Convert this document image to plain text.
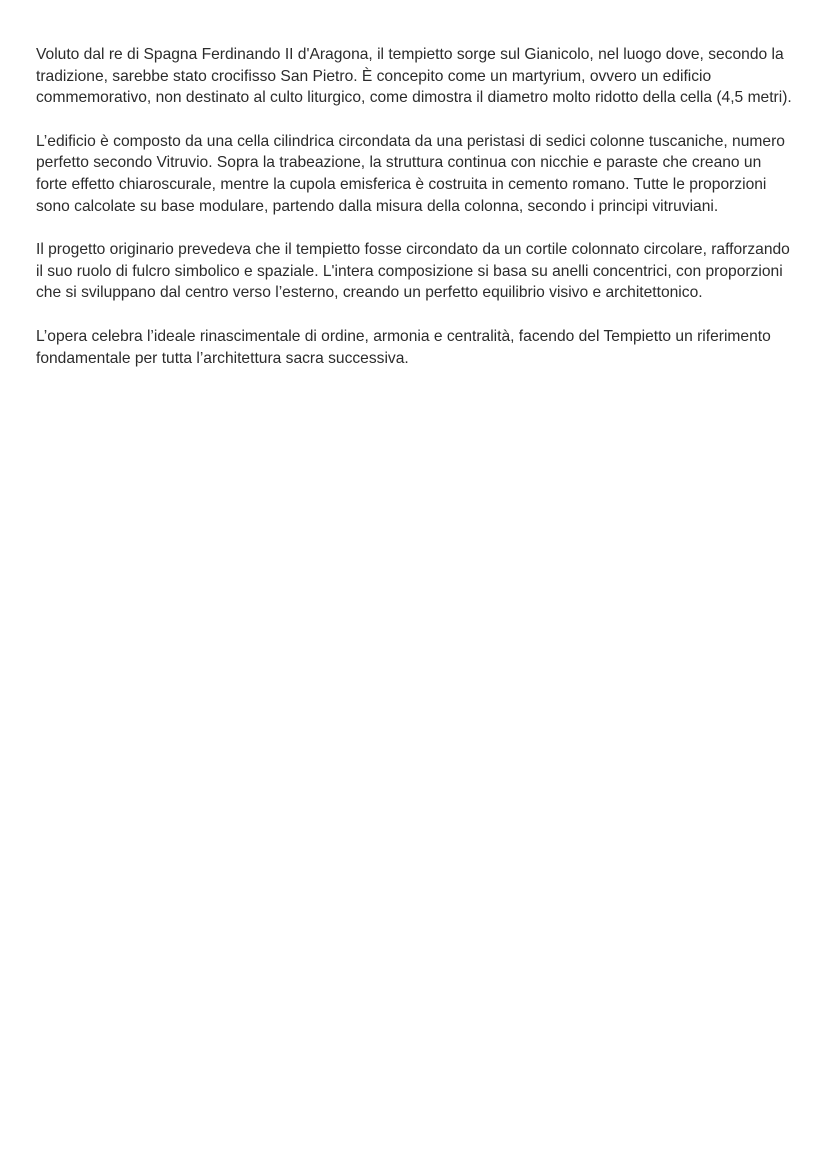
Voluto dal re di Spagna Ferdinando II d'Aragona, il tempietto sorge sul Gianicolo, nel luogo dove, secondo la tradizione, sarebbe stato crocifisso San Pietro. È concepito come un martyrium, ovvero un edificio commemorativo, non destinato al culto liturgico, come dimostra il diametro molto ridotto della cella (4,5 metri).

L’edificio è composto da una cella cilindrica circondata da una peristasi di sedici colonne tuscaniche, numero perfetto secondo Vitruvio. Sopra la trabeazione, la struttura continua con nicchie e paraste che creano un forte effetto chiaroscurale, mentre la cupola emisferica è costruita in cemento romano. Tutte le proporzioni sono calcolate su base modulare, partendo dalla misura della colonna, secondo i principi vitruviani.

Il progetto originario prevedeva che il tempietto fosse circondato da un cortile colonnato circolare, rafforzando il suo ruolo di fulcro simbolico e spaziale. L'intera composizione si basa su anelli concentrici, con proporzioni che si sviluppano dal centro verso l’esterno, creando un perfetto equilibrio visivo e architettonico.

L’opera celebra l’ideale rinascimentale di ordine, armonia e centralità, facendo del Tempietto un riferimento fondamentale per tutta l’architettura sacra successiva.
